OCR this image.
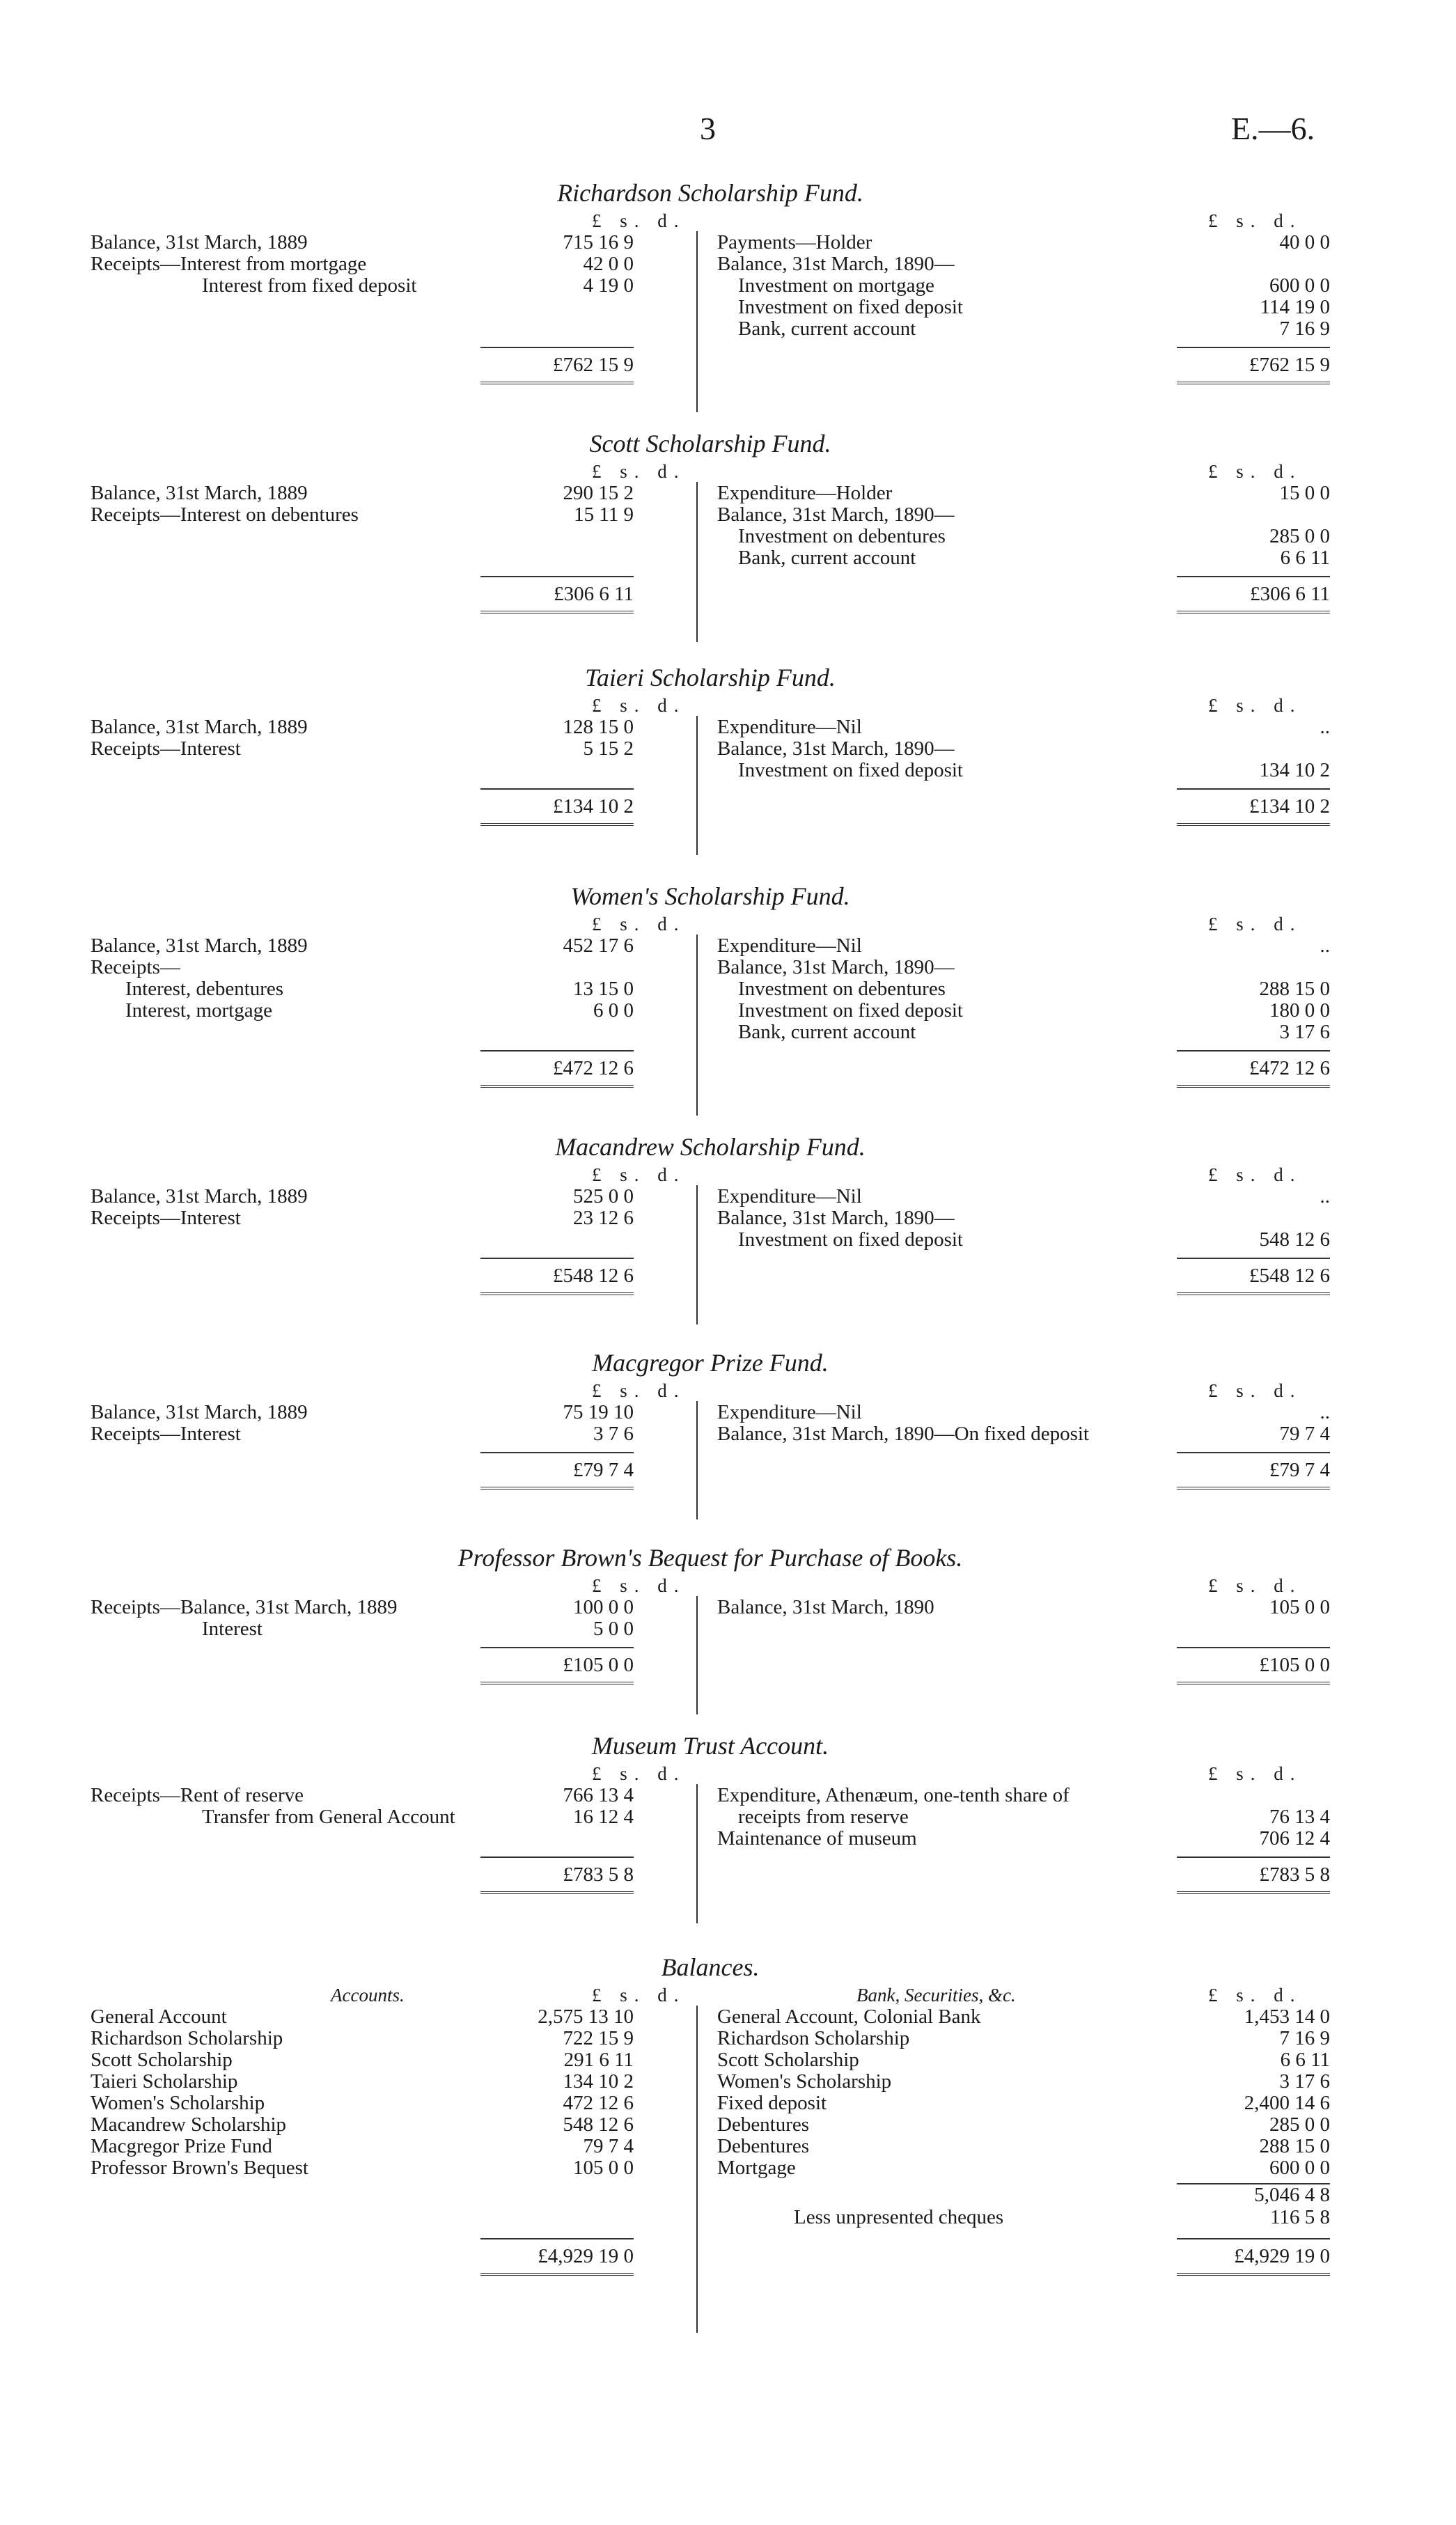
3	E.—6.
Richardson Scholarship Fund.
£ s. d.	£ s. d.
Balance, 31st March, 1889	715 16 9	Payments—Holder	40 0 0
Receipts—Interest from mortgage	42 0 0	Balance, 31st March, 1890—
Interest from fixed deposit	4 19 0	Investment on mortgage	600 0 0
Investment on fixed deposit	114 19 0
Bank, current account	7 16 9
£762 15 9	£762 15 9
Scott Scholarship Fund.
£ s. d.	£ s. d.
Balance, 31st March, 1889	290 15 2	Expenditure—Holder	15 0 0
Receipts—Interest on debentures	15 11 9	Balance, 31st March, 1890—
Investment on debentures	285 0 0
Bank, current account	6 6 11
£306 6 11	£306 6 11
Taieri Scholarship Fund.
£ s. d.	£ s. d.
Balance, 31st March, 1889	128 15 0	Expenditure—Nil	..
Receipts—Interest	5 15 2	Balance, 31st March, 1890—
Investment on fixed deposit	134 10 2
£134 10 2	£134 10 2
Women's Scholarship Fund.
£ s. d.	£ s. d.
Balance, 31st March, 1889	452 17 6	Expenditure—Nil	..
Receipts—	Balance, 31st March, 1890—
Interest, debentures	13 15 0	Investment on debentures	288 15 0
Interest, mortgage	6 0 0	Investment on fixed deposit	180 0 0
Bank, current account	3 17 6
£472 12 6	£472 12 6
Macandrew Scholarship Fund.
£ s. d.	£ s. d.
Balance, 31st March, 1889	525 0 0	Expenditure—Nil	..
Receipts—Interest	23 12 6	Balance, 31st March, 1890—
Investment on fixed deposit	548 12 6
£548 12 6	£548 12 6
Macgregor Prize Fund.
£ s. d.	£ s. d.
Balance, 31st March, 1889	75 19 10	Expenditure—Nil	..
Receipts—Interest	3 7 6	Balance, 31st March, 1890—On fixed deposit	79 7 4
£79 7 4	£79 7 4
Professor Brown's Bequest for Purchase of Books.
£ s. d.	£ s. d.
Receipts—Balance, 31st March, 1889	100 0 0	Balance, 31st March, 1890	105 0 0
Interest	5 0 0
£105 0 0	£105 0 0
Museum Trust Account.
£ s. d.	£ s. d.
Receipts—Rent of reserve	766 13 4	Expenditure, Athenæum, one-tenth share of
Transfer from General Account	16 12 4	receipts from reserve	76 13 4
Maintenance of museum	706 12 4
£783 5 8	£783 5 8
Balances.
Accounts.	£ s. d.	Bank, Securities, &c.	£ s. d.
General Account	2,575 13 10	General Account, Colonial Bank	1,453 14 0
Richardson Scholarship	722 15 9	Richardson Scholarship	7 16 9
Scott Scholarship	291 6 11	Scott Scholarship	6 6 11
Taieri Scholarship	134 10 2	Women's Scholarship	3 17 6
Women's Scholarship	472 12 6	Fixed deposit	2,400 14 6
Macandrew Scholarship	548 12 6	Debentures	285 0 0
Macgregor Prize Fund	79 7 4	Debentures	288 15 0
Professor Brown's Bequest	105 0 0	Mortgage	600 0 0
5,046 4 8
Less unpresented cheques	116 5 8
£4,929 19 0	£4,929 19 0
